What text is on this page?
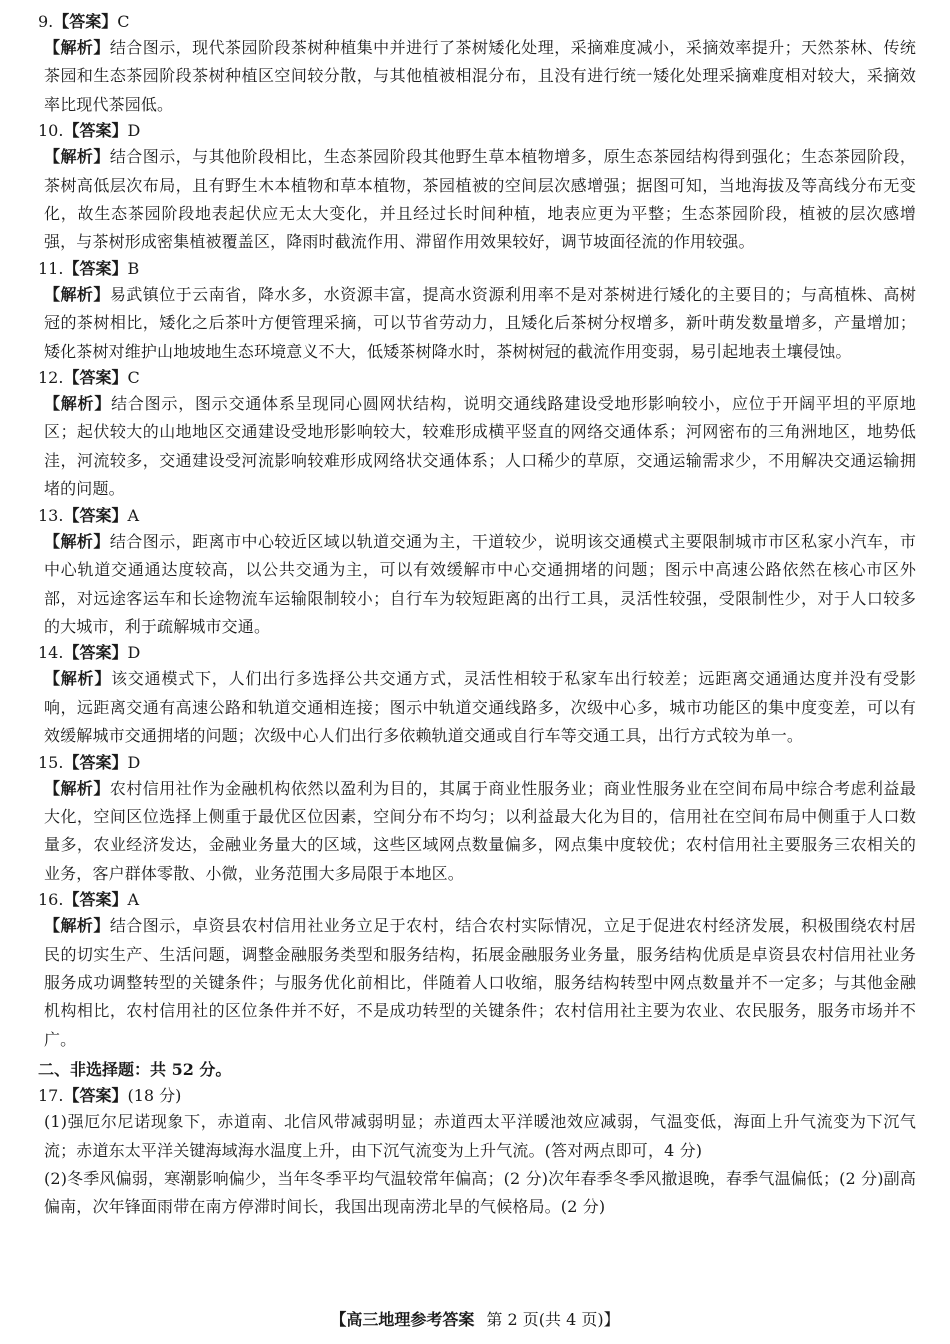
9.【答案】C

【解析】结合图示，现代茶园阶段茶树种植集中并进行了茶树矮化处理，采摘难度减小，采摘效率提升；天然茶林、传统茶园和生态茶园阶段茶树种植区空间较分散，与其他植被相混分布，且没有进行统一矮化处理采摘难度相对较大，采摘效率比现代茶园低。

10.【答案】D

【解析】结合图示，与其他阶段相比，生态茶园阶段其他野生草本植物增多，原生态茶园结构得到强化；生态茶园阶段，茶树高低层次布局，且有野生木本植物和草本植物，茶园植被的空间层次感增强；据图可知，当地海拔及等高线分布无变化，故生态茶园阶段地表起伏应无太大变化，并且经过长时间种植，地表应更为平整；生态茶园阶段，植被的层次感增强，与茶树形成密集植被覆盖区，降雨时截流作用、滞留作用效果较好，调节坡面径流的作用较强。

11.【答案】B

【解析】易武镇位于云南省，降水多，水资源丰富，提高水资源利用率不是对茶树进行矮化的主要目的；与高植株、高树冠的茶树相比，矮化之后茶叶方便管理采摘，可以节省劳动力，且矮化后茶树分杈增多，新叶萌发数量增多，产量增加；矮化茶树对维护山地坡地生态环境意义不大，低矮茶树降水时，茶树树冠的截流作用变弱，易引起地表土壤侵蚀。

12.【答案】C

【解析】结合图示，图示交通体系呈现同心圆网状结构，说明交通线路建设受地形影响较小，应位于开阔平坦的平原地区；起伏较大的山地地区交通建设受地形影响较大，较难形成横平竖直的网络交通体系；河网密布的三角洲地区，地势低洼，河流较多，交通建设受河流影响较难形成网络状交通体系；人口稀少的草原，交通运输需求少，不用解决交通运输拥堵的问题。

13.【答案】A

【解析】结合图示，距离市中心较近区域以轨道交通为主，干道较少，说明该交通模式主要限制城市市区私家小汽车，市中心轨道交通通达度较高，以公共交通为主，可以有效缓解市中心交通拥堵的问题；图示中高速公路依然在核心市区外部，对远途客运车和长途物流车运输限制较小；自行车为较短距离的出行工具，灵活性较强，受限制性少，对于人口较多的大城市，利于疏解城市交通。

14.【答案】D

【解析】该交通模式下，人们出行多选择公共交通方式，灵活性相较于私家车出行较差；远距离交通通达度并没有受影响，远距离交通有高速公路和轨道交通相连接；图示中轨道交通线路多，次级中心多，城市功能区的集中度变差，可以有效缓解城市交通拥堵的问题；次级中心人们出行多依赖轨道交通或自行车等交通工具，出行方式较为单一。

15.【答案】D

【解析】农村信用社作为金融机构依然以盈利为目的，其属于商业性服务业；商业性服务业在空间布局中综合考虑利益最大化，空间区位选择上侧重于最优区位因素，空间分布不均匀；以利益最大化为目的，信用社在空间布局中侧重于人口数量多，农业经济发达，金融业务量大的区域，这些区域网点数量偏多，网点集中度较优；农村信用社主要服务三农相关的业务，客户群体零散、小微，业务范围大多局限于本地区。

16.【答案】A

【解析】结合图示，卓资县农村信用社业务立足于农村，结合农村实际情况，立足于促进农村经济发展，积极围绕农村居民的切实生产、生活问题，调整金融服务类型和服务结构，拓展金融服务业务量，服务结构优质是卓资县农村信用社业务服务成功调整转型的关键条件；与服务优化前相比，伴随着人口收缩，服务结构转型中网点数量并不一定多；与其他金融机构相比，农村信用社的区位条件并不好，不是成功转型的关键条件；农村信用社主要为农业、农民服务，服务市场并不广。

二、非选择题：共 52 分。

17.【答案】(18 分)

(1)强厄尔尼诺现象下，赤道南、北信风带减弱明显；赤道西太平洋暖池效应减弱，气温变低，海面上升气流变为下沉气流；赤道东太平洋关键海域海水温度上升，由下沉气流变为上升气流。(答对两点即可，4 分)

(2)冬季风偏弱，寒潮影响偏少，当年冬季平均气温较常年偏高；(2 分)次年春季冬季风撤退晚，春季气温偏低；(2 分)副高偏南，次年锋面雨带在南方停滞时间长，我国出现南涝北旱的气候格局。(2 分)

【高三地理参考答案 第 2 页(共 4 页)】
